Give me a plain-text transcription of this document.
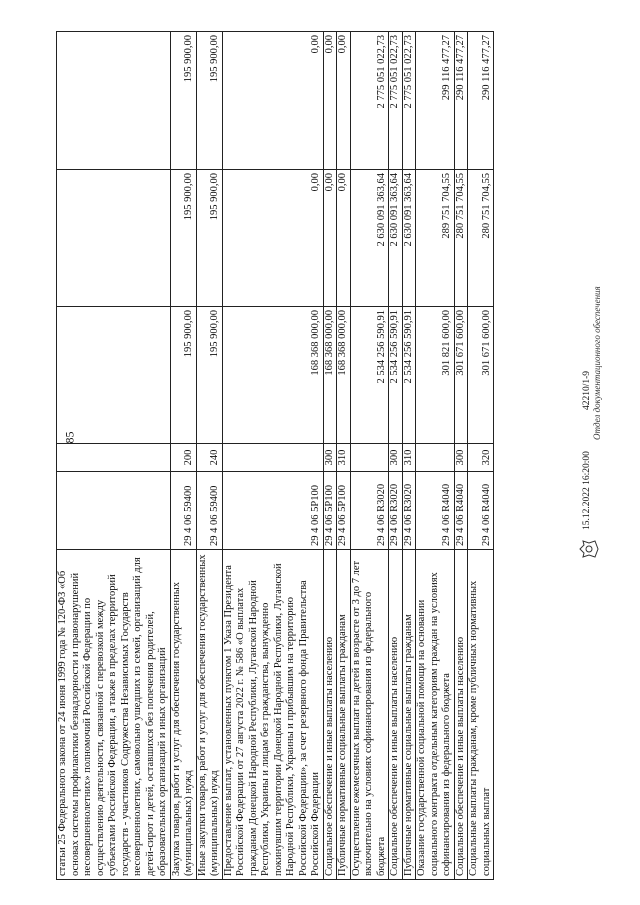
85
статьи 25 Федерального закона от 24 июня 1999 года № 120-ФЗ «Об основах системы профилактики безнадзорности и правонарушений несовершеннолетних» полномочий Российской Федерации по осуществлению деятельности, связанной с перевозкой между субъектами Российской Федерации, а также в пределах территорий государств - участников Содружества Независимых Государств несовершеннолетних, самовольно ушедших из семей, организаций для детей-сирот и детей, оставшихся без попечения родителей, образовательных организаций и иных организаций					
Закупка товаров, работ и услуг для обеспечения государственных (муниципальных) нужд	29 4 06 59400	200	195 900,00	195 900,00	195 900,00
Иные закупки товаров, работ и услуг для обеспечения государственных (муниципальных) нужд	29 4 06 59400	240	195 900,00	195 900,00	195 900,00
Предоставление выплат, установленных пунктом 1 Указа Президента Российской Федерации от 27 августа 2022 г. № 586 «О выплатах гражданам Донецкой Народной Республики, Луганской Народной Республики, Украины и лицам без гражданства, вынужденно покинувшим территории Донецкой Народной Республики, Луганской Народной Республики, Украины и прибывшим на территорию Российской Федерации», за счет резервного фонда Правительства Российской Федерации	29 4 06 5Р100		168 368 000,00	0,00	0,00
Социальное обеспечение и иные выплаты населению	29 4 06 5Р100	300	168 368 000,00	0,00	0,00
Публичные нормативные социальные выплаты гражданам	29 4 06 5Р100	310	168 368 000,00	0,00	0,00
Осуществление ежемесячных выплат на детей в возрасте от 3 до 7 лет включительно на условиях софинансирования из федерального бюджета	29 4 06 R3020		2 534 256 590,91	2 630 091 363,64	2 775 051 022,73
Социальное обеспечение и иные выплаты населению	29 4 06 R3020	300	2 534 256 590,91	2 630 091 363,64	2 775 051 022,73
Публичные нормативные социальные выплаты гражданам	29 4 06 R3020	310	2 534 256 590,91	2 630 091 363,64	2 775 051 022,73
Оказание государственной социальной помощи на основании социального контракта отдельным категориям граждан на условиях софинансирования из федерального бюджета	29 4 06 R4040		301 821 600,00	289 751 704,55	299 116 477,27
Социальное обеспечение и иные выплаты населению	29 4 06 R4040	300	301 671 600,00	280 751 704,55	290 116 477,27
Социальные выплаты гражданам, кроме публичных нормативных социальных выплат	29 4 06 R4040	320	301 671 600,00	280 751 704,55	290 116 477,27
15.12.2022 16:20:00
42210/1-9 Отдел документационного обеспечения
